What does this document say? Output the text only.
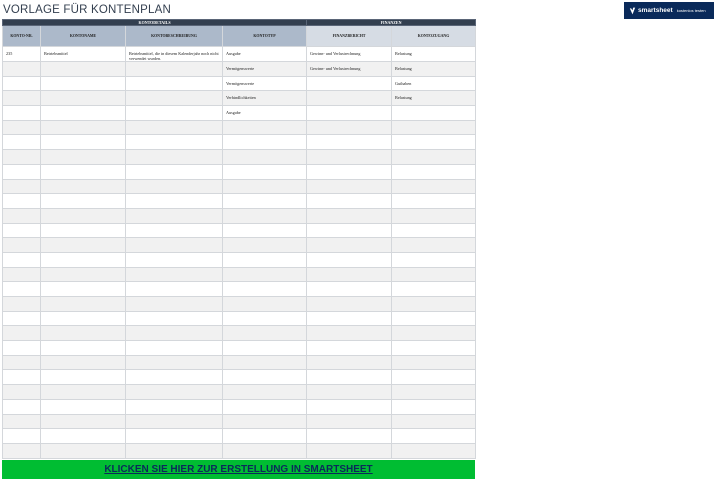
VORLAGE FÜR KONTENPLAN	smartsheet kostenlos testen
KONTODETAILS				FINANZEN	
KONTO-NR.	KONTONAME	KONTOBESCHREIBUNG	KONTOTYP	FINANZBERICHT	KONTOZUGANG
235	Betriebsmittel	Betriebsmittel, die in diesem Kalenderjahr noch nicht verwendet wurden.	Ausgabe	Gewinn- und Verlustrechnung	Belastung
			Vermögenswerte	Gewinn- und Verlustrechnung	Belastung
			Vermögenswerte		Guthaben
			Verbindlichkeiten		Belastung
			Ausgabe		

KLICKEN SIE HIER ZUR ERSTELLUNG IN SMARTSHEET
